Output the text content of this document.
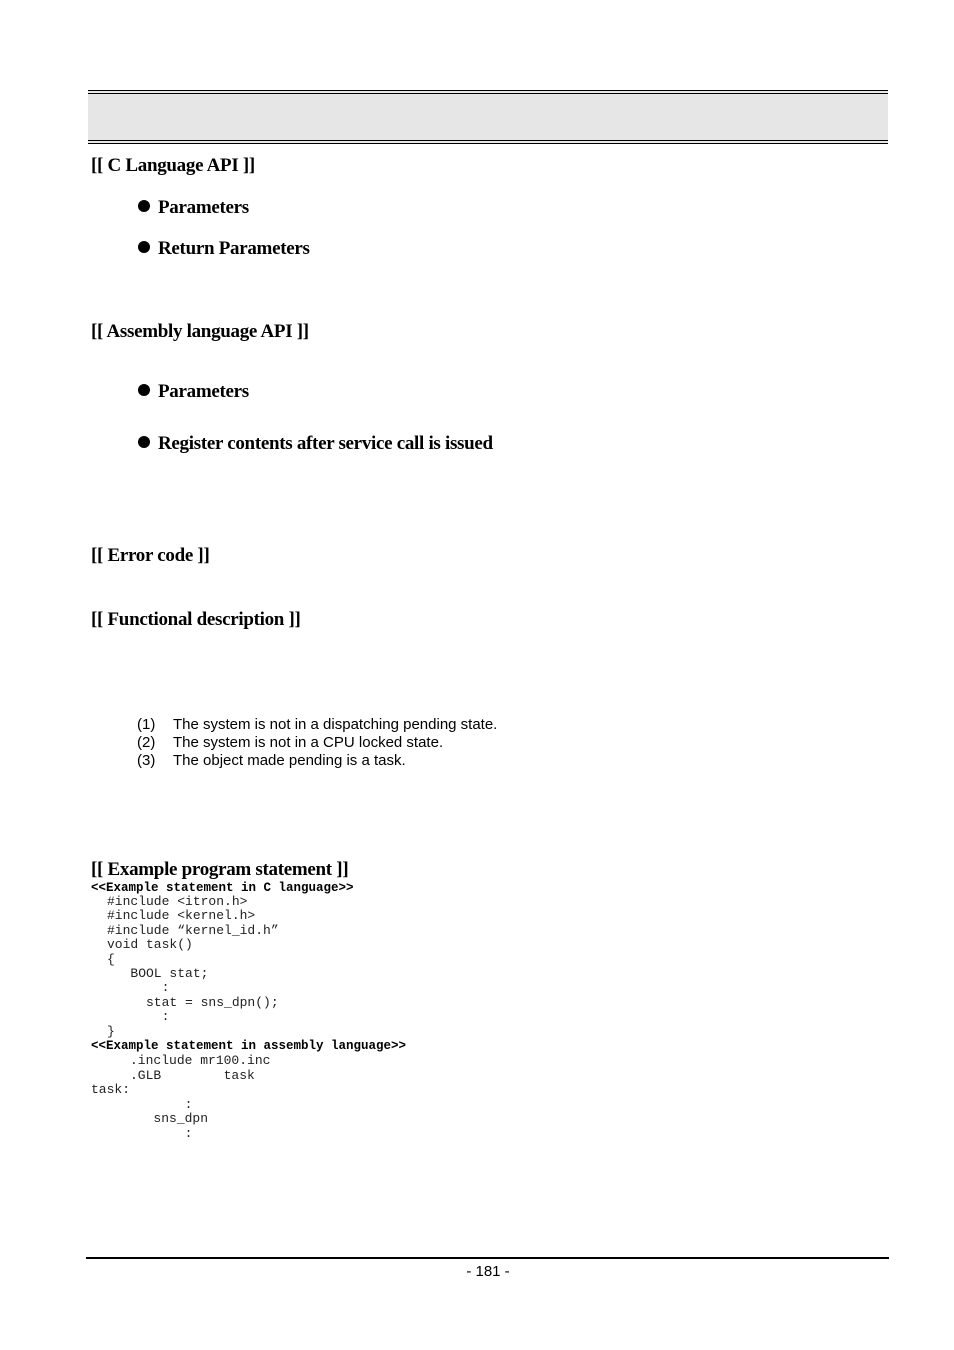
[[ C Language API ]]
Parameters
Return Parameters
[[ Assembly language API ]]
Parameters
Register contents after service call is issued
[[ Error code ]]
[[ Functional description ]]
(1) The system is not in a dispatching pending state.
(2) The system is not in a CPU locked state.
(3) The object made pending is a task.
[[ Example program statement ]]
<<Example statement in C language>>
#include <itron.h>
#include <kernel.h>
#include “kernel_id.h”
void task()
{
BOOL stat;
:
stat = sns_dpn();
:
}
<<Example statement in assembly language>>
.include mr100.inc
.GLB        task
task:
:
sns_dpn
:
- 181 -
